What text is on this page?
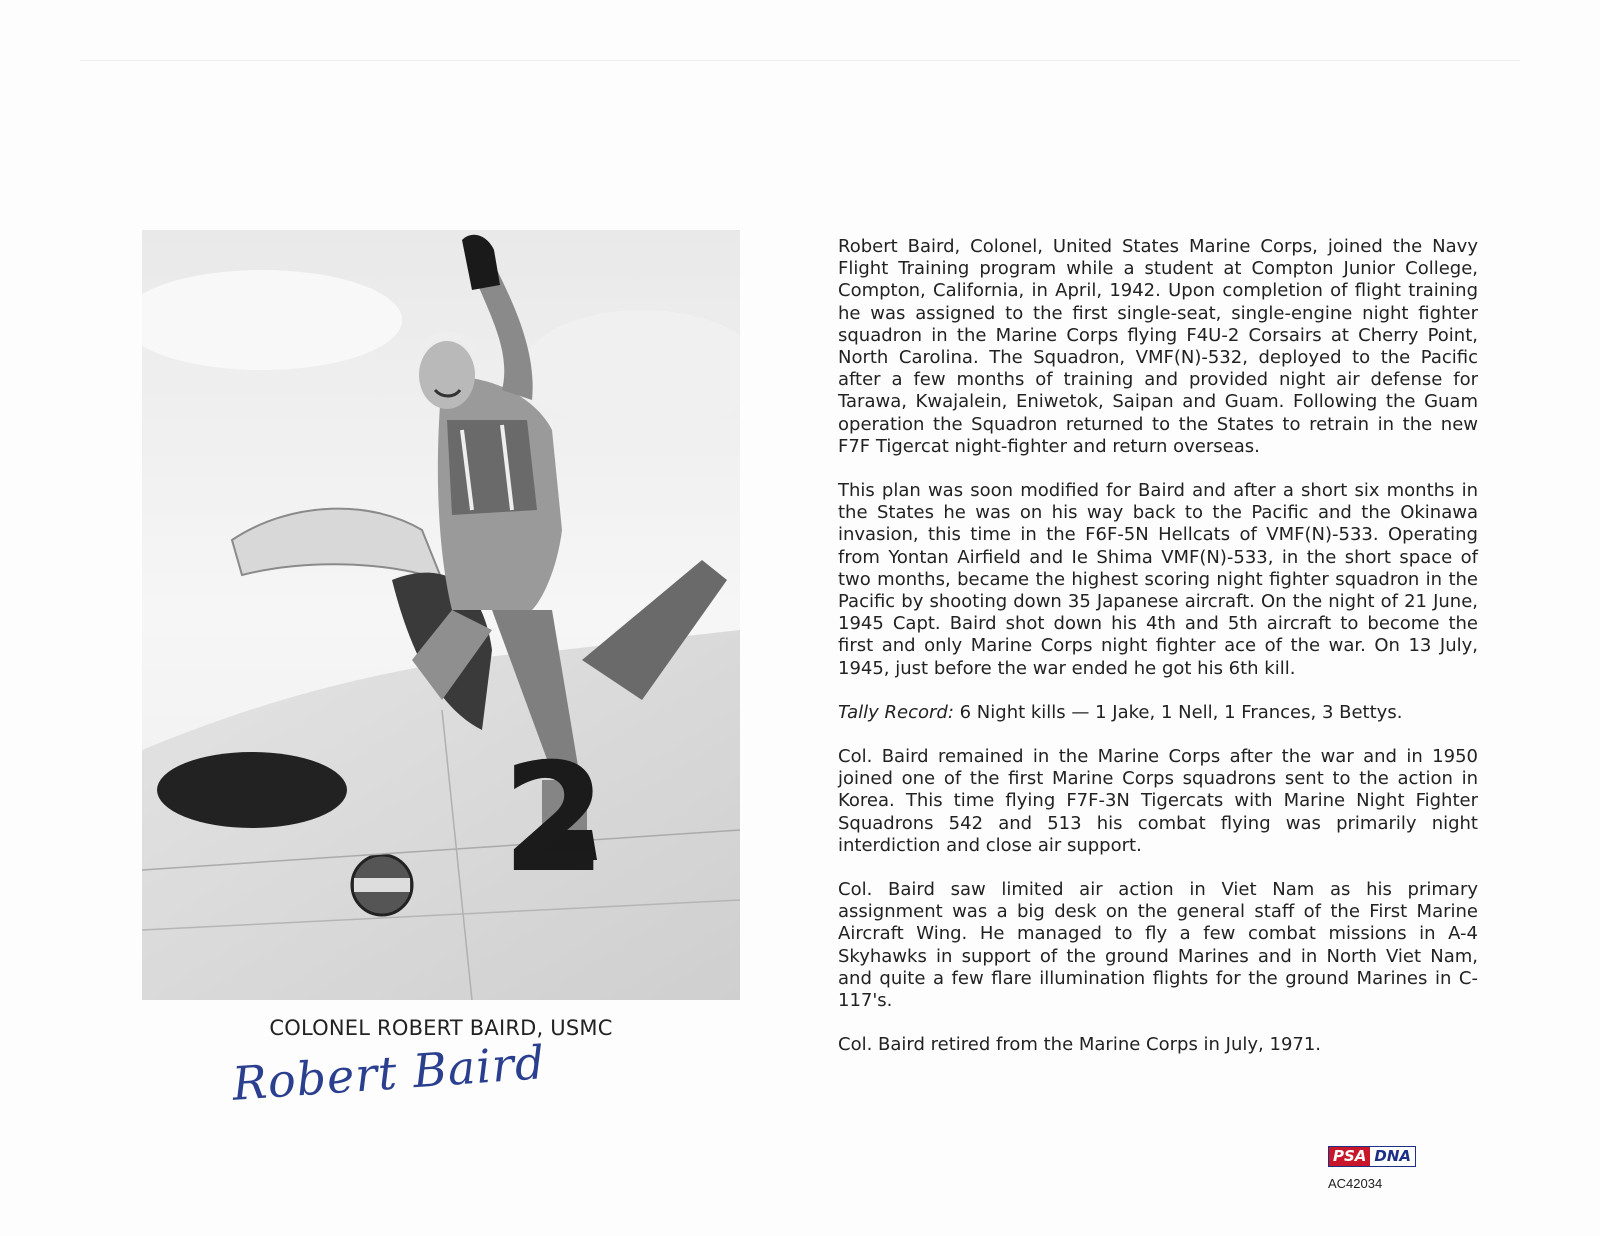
2
COLONEL ROBERT BAIRD, USMC
Robert Baird

Robert Baird, Colonel, United States Marine Corps, joined the Navy Flight Training program while a student at Compton Junior College, Compton, California, in April, 1942. Upon completion of flight training he was assigned to the first single-seat, single-engine night fighter squadron in the Marine Corps flying F4U-2 Corsairs at Cherry Point, North Carolina. The Squadron, VMF(N)-532, deployed to the Pacific after a few months of training and provided night air defense for Tarawa, Kwajalein, Eniwetok, Saipan and Guam. Following the Guam operation the Squadron returned to the States to retrain in the new F7F Tigercat night-fighter and return overseas.

This plan was soon modified for Baird and after a short six months in the States he was on his way back to the Pacific and the Okinawa invasion, this time in the F6F-5N Hellcats of VMF(N)-533. Operating from Yontan Airfield and Ie Shima VMF(N)-533, in the short space of two months, became the highest scoring night fighter squadron in the Pacific by shooting down 35 Japanese aircraft. On the night of 21 June, 1945 Capt. Baird shot down his 4th and 5th aircraft to become the first and only Marine Corps night fighter ace of the war. On 13 July, 1945, just before the war ended he got his 6th kill.

Tally Record: 6 Night kills — 1 Jake, 1 Nell, 1 Frances, 3 Bettys.

Col. Baird remained in the Marine Corps after the war and in 1950 joined one of the first Marine Corps squadrons sent to the action in Korea. This time flying F7F-3N Tigercats with Marine Night Fighter Squadrons 542 and 513 his combat flying was primarily night interdiction and close air support.

Col. Baird saw limited air action in Viet Nam as his primary assignment was a big desk on the general staff of the First Marine Aircraft Wing. He managed to fly a few combat missions in A-4 Skyhawks in support of the ground Marines and in North Viet Nam, and quite a few flare illumination flights for the ground Marines in C-117's.

Col. Baird retired from the Marine Corps in July, 1971.

PSA DNA
AC42034
